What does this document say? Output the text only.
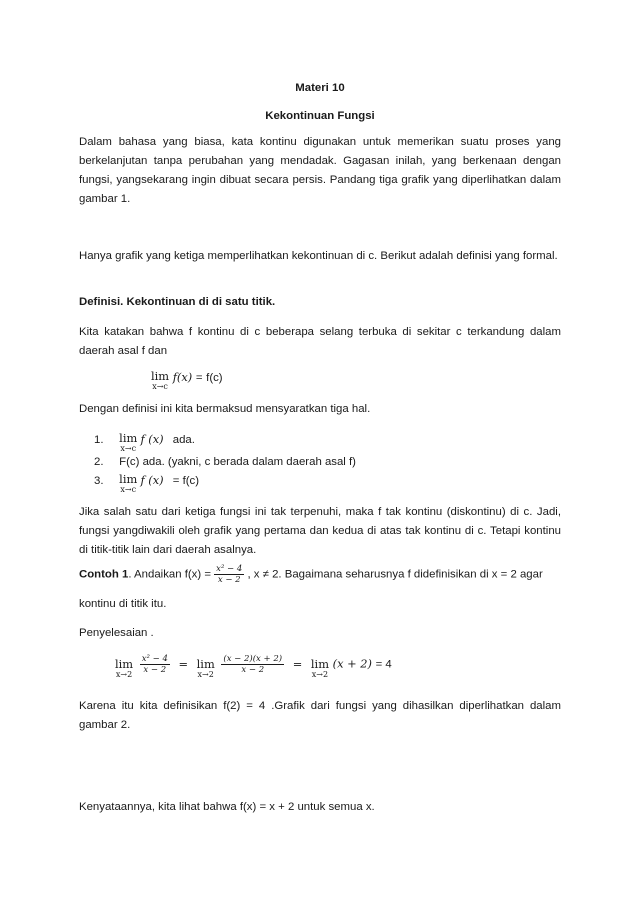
Materi 10

Kekontinuan Fungsi

Dalam bahasa yang biasa, kata kontinu digunakan untuk memerikan suatu proses yang berkelanjutan tanpa perubahan yang mendadak. Gagasan inilah, yang berkenaan dengan fungsi, yangsekarang ingin dibuat secara persis. Pandang tiga grafik yang diperlihatkan dalam gambar 1.

Hanya grafik yang ketiga memperlihatkan kekontinuan di c. Berikut adalah definisi yang formal.

Definisi. Kekontinuan di di satu titik.

Kita katakan bahwa f kontinu di c beberapa selang terbuka di sekitar c terkandung dalam daerah asal f dan

lim
x→c
f(x) = f(c)

Dengan definisi ini kita bermaksud mensyaratkan tiga hal.

1. lim
x→c
f (x) ada.
2. F(c) ada. (yakni, c berada dalam daerah asal f)
3. lim
x→c
f (x) = f(c)

Jika salah satu dari ketiga fungsi ini tak terpenuhi, maka f tak kontinu (diskontinu) di c. Jadi, fungsi yangdiwakili oleh grafik yang pertama dan kedua di atas tak kontinu di c. Tetapi kontinu di titik-titik lain dari daerah asalnya.

Contoh 1. Andaikan $f(x) = \frac{\text{x² − 4}}{x - 2}$ , x ≠ 2. Bagaimana seharusnya f didefinisikan di x = 2 agar

kontinu di titik itu.

Penyelesaian .

lim
x→2
$\frac{\text{x² − 4}}{x - 2} = \lim$
x→2
$\frac{(x - 2)(x + 2)}{x - 2} = \lim$
x→2
(x + 2) = 4

Karena itu kita definisikan f(2) = 4 .Grafik dari fungsi yang dihasilkan diperlihatkan dalam gambar 2.

Kenyataannya, kita lihat bahwa f(x) = x + 2 untuk semua x.
